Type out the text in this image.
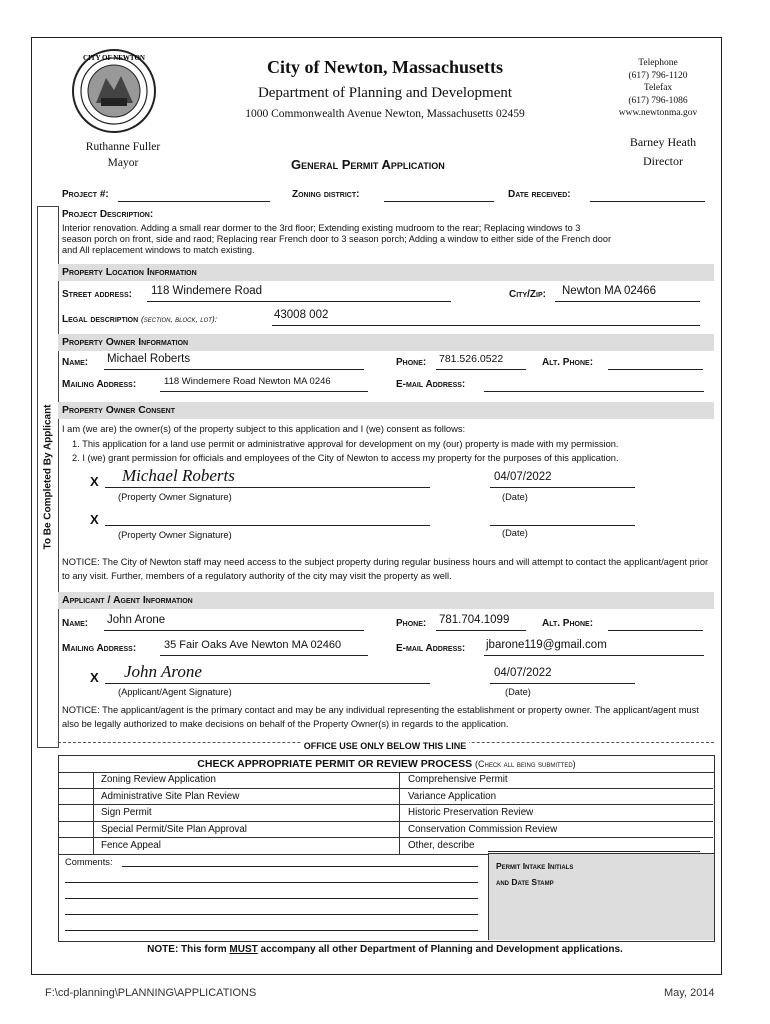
CITY OF NEWTON	City of Newton, Massachusetts
Department of Planning and Development
1000 Commonwealth Avenue Newton, Massachusetts 02459
Telephone
(617) 796-1120
Telefax
(617) 796-1086
www.newtonma.gov
Ruthanne Fuller
Mayor
Barney Heath
Director
General Permit Application
To Be Completed By Applicant
Project #:	Zoning district:	Date received:
Project Description:
Interior renovation. Adding a small rear dormer to the 3rd floor; Extending existing mudroom to the rear; Replacing windows to 3 season porch on front, side and raod; Replacing rear French door to 3 season porch; Adding a window to either side of the French door and All replacement windows to match existing.
Property Location Information
Street address: 118 Windemere Road	City/Zip: Newton MA 02466
Legal description (section, block, lot):	43008 002
Property Owner Information
Name: Michael Roberts	Phone: 781.526.0522	Alt. Phone:
Mailing Address:	118 Windemere Road Newton MA 0246	E-mail Address:
Property Owner Consent
I am (we are) the owner(s) of the property subject to this application and I (we) consent as follows:
1. This application for a land use permit or administrative approval for development on my (our) property is made with my permission.
2. I (we) grant permission for officials and employees of the City of Newton to access my property for the purposes of this application.
X Michael Roberts	04/07/2022
(Property Owner Signature)	(Date)
X
(Property Owner Signature)	(Date)
NOTICE: The City of Newton staff may need access to the subject property during regular business hours and will attempt to contact the applicant/agent prior to any visit. Further, members of a regulatory authority of the city may visit the property as well.
Applicant / Agent Information
Name: John Arone	Phone: 781.704.1099	Alt. Phone:
Mailing Address:	35 Fair Oaks Ave Newton MA 02460	E-mail Address: jbarone119@gmail.com
X John Arone	04/07/2022
(Applicant/Agent Signature)	(Date)
NOTICE: The applicant/agent is the primary contact and may be any individual representing the establishment or property owner. The applicant/agent must also be legally authorized to make decisions on behalf of the Property Owner(s) in regards to the application.
OFFICE USE ONLY BELOW THIS LINE
CHECK APPROPRIATE PERMIT OR REVIEW PROCESS (Check all being submitted)
Zoning Review Application	Comprehensive Permit
Administrative Site Plan Review	Variance Application
Sign Permit	Historic Preservation Review
Special Permit/Site Plan Approval	Conservation Commission Review
Fence Appeal	Other, describe
Comments:	Permit Intake Initials
and Date Stamp
NOTE: This form MUST accompany all other Department of Planning and Development applications.
F:\cd-planning\PLANNING\APPLICATIONS	May, 2014
